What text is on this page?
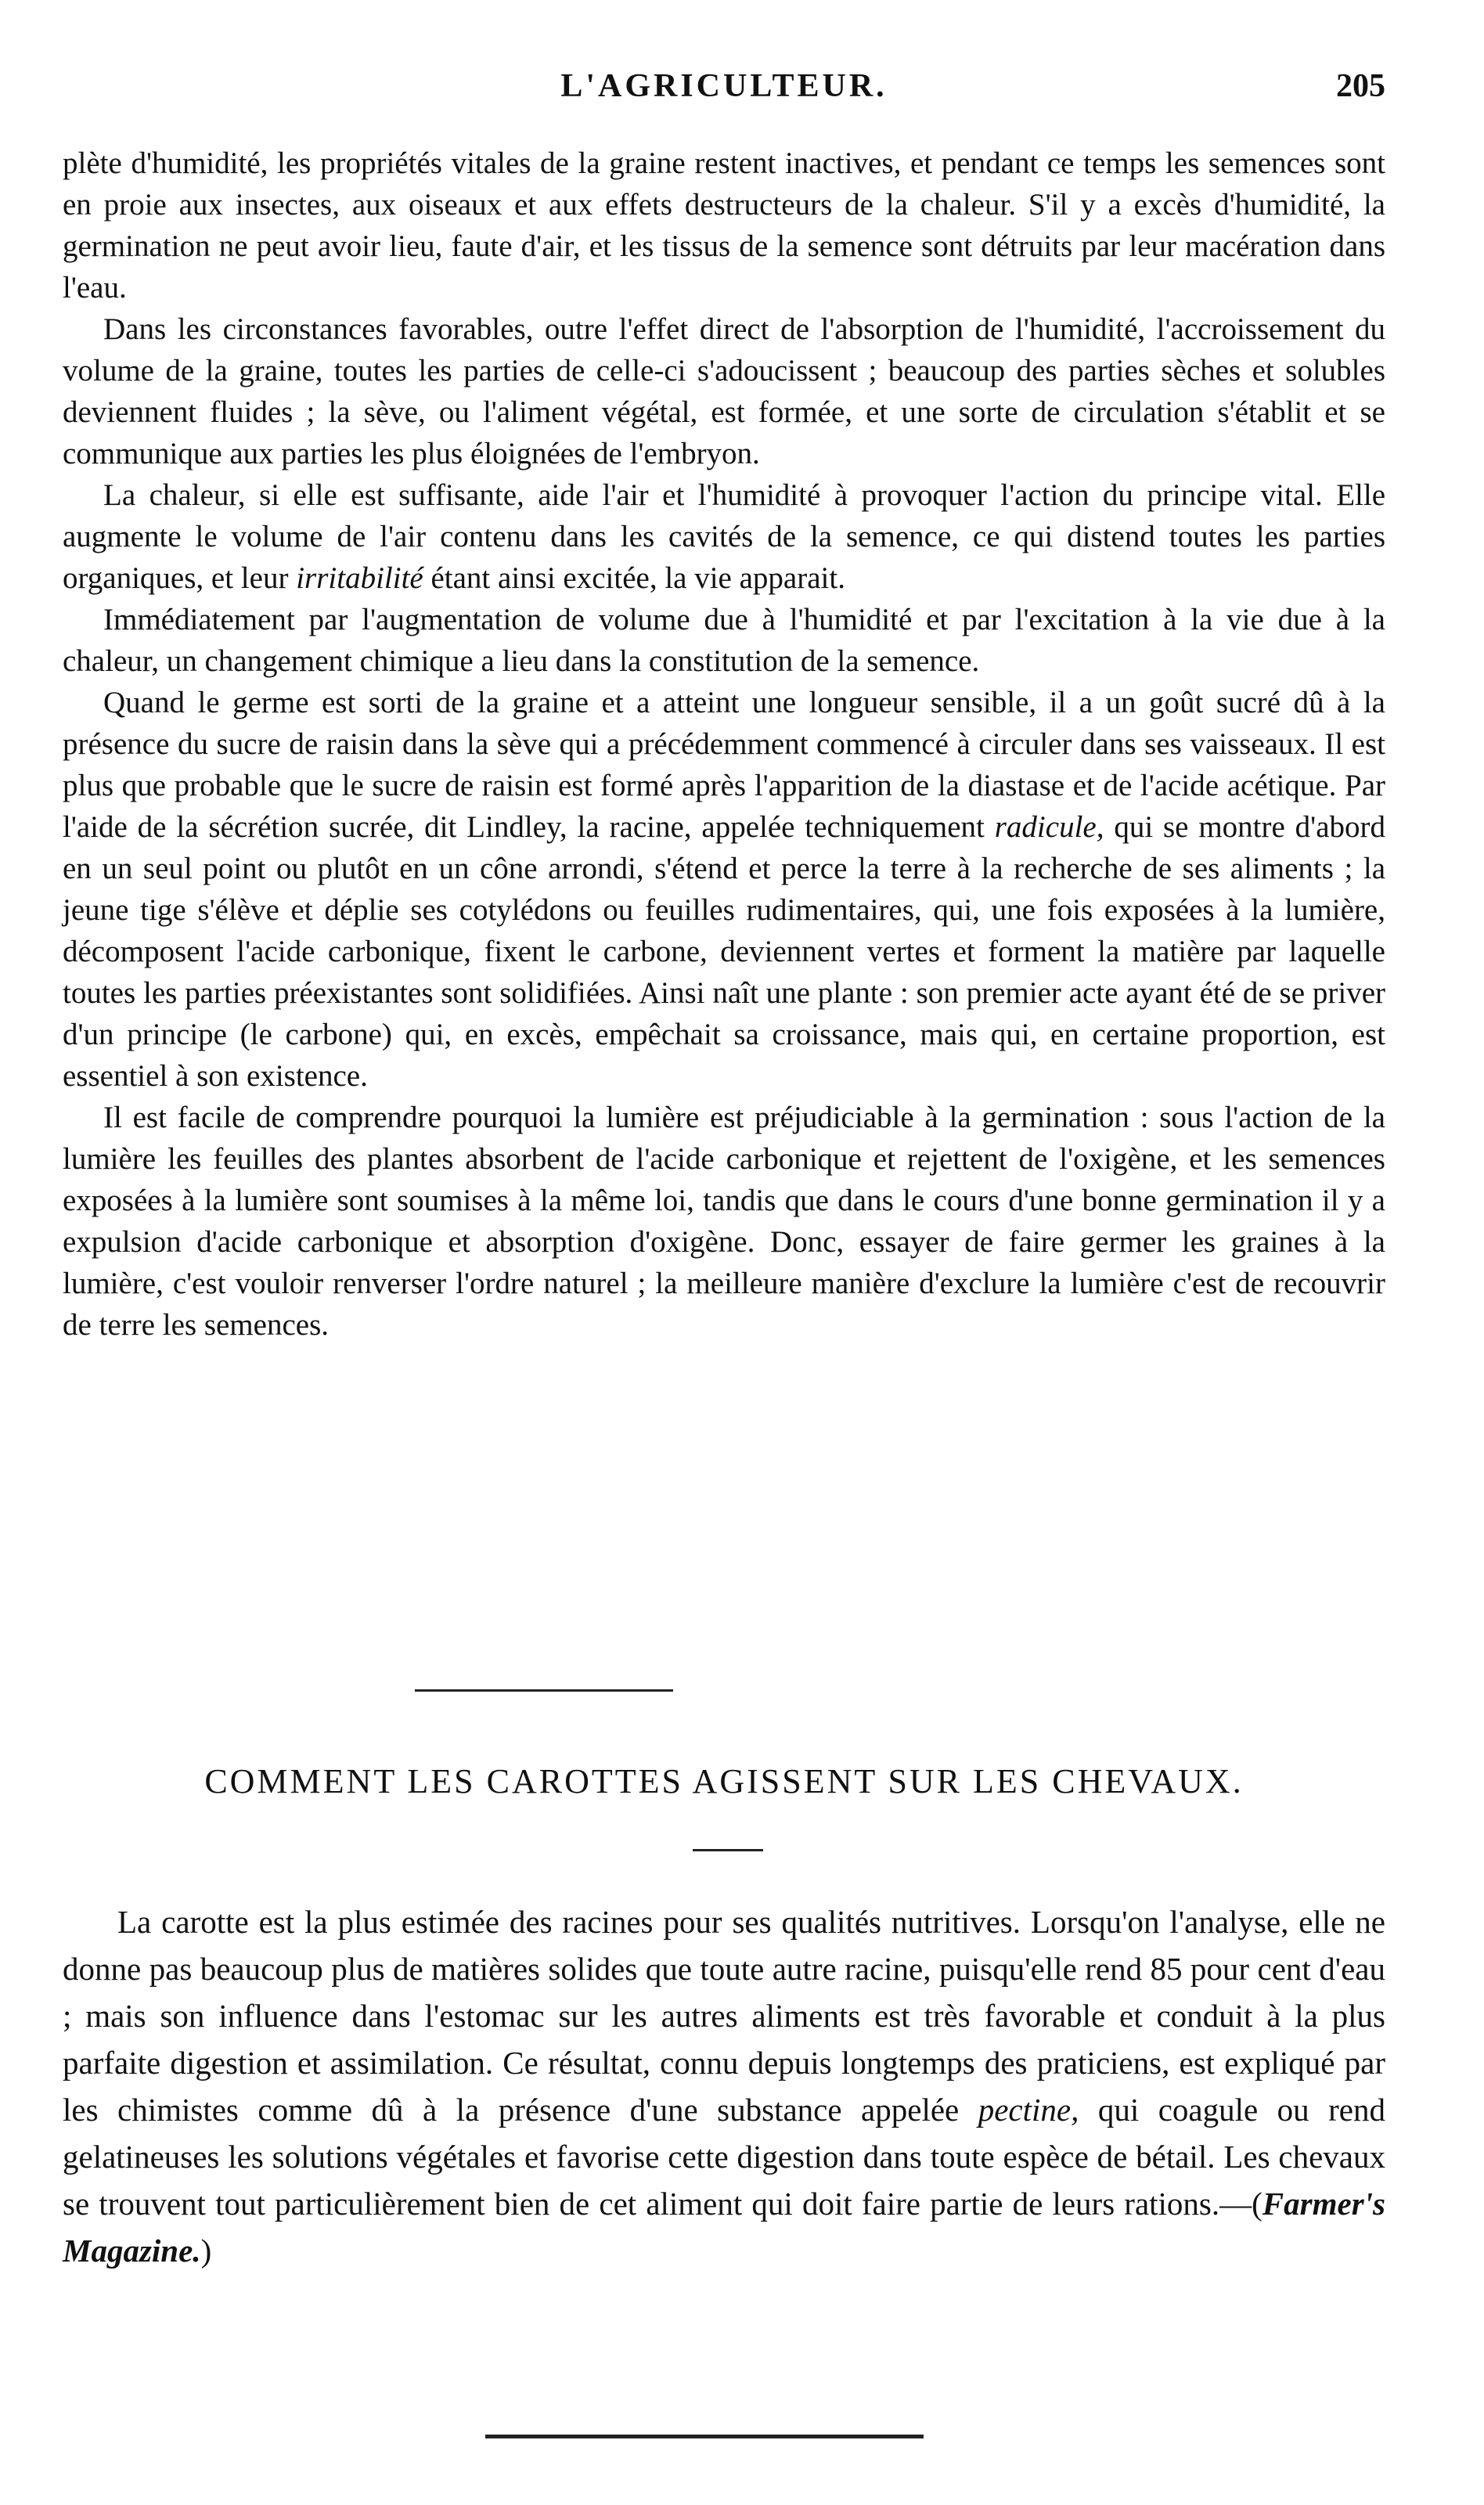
L'AGRICULTEUR.	205

plète d'humidité, les propriétés vitales de la graine restent inactives, et pendant ce temps les semences sont en proie aux insectes, aux oiseaux et aux effets destructeurs de la chaleur. S'il y a excès d'humidité, la germination ne peut avoir lieu, faute d'air, et les tissus de la semence sont détruits par leur macération dans l'eau.

Dans les circonstances favorables, outre l'effet direct de l'absorption de l'humidité, l'accroissement du volume de la graine, toutes les parties de celle-ci s'adoucissent ; beaucoup des parties sèches et solubles deviennent fluides ; la sève, ou l'aliment végétal, est formée, et une sorte de circulation s'établit et se communique aux parties les plus éloignées de l'embryon.

La chaleur, si elle est suffisante, aide l'air et l'humidité à provoquer l'action du principe vital. Elle augmente le volume de l'air contenu dans les cavités de la semence, ce qui distend toutes les parties organiques, et leur irritabilité étant ainsi excitée, la vie apparait.

Immédiatement par l'augmentation de volume due à l'humidité et par l'excitation à la vie due à la chaleur, un changement chimique a lieu dans la constitution de la semence.

Quand le germe est sorti de la graine et a atteint une longueur sensible, il a un goût sucré dû à la présence du sucre de raisin dans la sève qui a précédemment commencé à circuler dans ses vaisseaux. Il est plus que probable que le sucre de raisin est formé après l'apparition de la diastase et de l'acide acétique. Par l'aide de la sécrétion sucrée, dit Lindley, la racine, appelée techniquement radicule, qui se montre d'abord en un seul point ou plutôt en un cône arrondi, s'étend et perce la terre à la recherche de ses aliments ; la jeune tige s'élève et déplie ses cotylédons ou feuilles rudimentaires, qui, une fois exposées à la lumière, décomposent l'acide carbonique, fixent le carbone, deviennent vertes et forment la matière par laquelle toutes les parties préexistantes sont solidifiées. Ainsi naît une plante : son premier acte ayant été de se priver d'un principe (le carbone) qui, en excès, empêchait sa croissance, mais qui, en certaine proportion, est essentiel à son existence.

Il est facile de comprendre pourquoi la lumière est préjudiciable à la germination : sous l'action de la lumière les feuilles des plantes absorbent de l'acide carbonique et rejettent de l'oxigène, et les semences exposées à la lumière sont soumises à la même loi, tandis que dans le cours d'une bonne germination il y a expulsion d'acide carbonique et absorption d'oxigène. Donc, essayer de faire germer les graines à la lumière, c'est vouloir renverser l'ordre naturel ; la meilleure manière d'exclure la lumière c'est de recouvrir de terre les semences.

COMMENT LES CAROTTES AGISSENT SUR LES CHEVAUX.

La carotte est la plus estimée des racines pour ses qualités nutritives. Lorsqu'on l'analyse, elle ne donne pas beaucoup plus de matières solides que toute autre racine, puisqu'elle rend 85 pour cent d'eau ; mais son influence dans l'estomac sur les autres aliments est très favorable et conduit à la plus parfaite digestion et assimilation. Ce résultat, connu depuis longtemps des praticiens, est expliqué par les chimistes comme dû à la présence d'une substance appelée pectine, qui coagule ou rend gelatineuses les solutions végétales et favorise cette digestion dans toute espèce de bétail. Les chevaux se trouvent tout particulièrement bien de cet aliment qui doit faire partie de leurs rations.—(Farmer's Magazine.)
